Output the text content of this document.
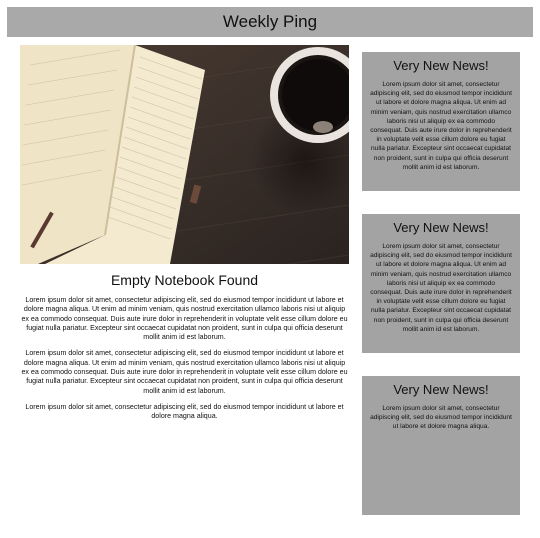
Weekly Ping
Empty Notebook Found

Lorem ipsum dolor sit amet, consectetur adipiscing elit, sed do eiusmod tempor incididunt ut labore et dolore magna aliqua. Ut enim ad minim veniam, quis nostrud exercitation ullamco laboris nisi ut aliquip ex ea commodo consequat. Duis aute irure dolor in reprehenderit in voluptate velit esse cillum dolore eu fugiat nulla pariatur. Excepteur sint occaecat cupidatat non proident, sunt in culpa qui officia deserunt mollit anim id est laborum.

Lorem ipsum dolor sit amet, consectetur adipiscing elit, sed do eiusmod tempor incididunt ut labore et dolore magna aliqua. Ut enim ad minim veniam, quis nostrud exercitation ullamco laboris nisi ut aliquip ex ea commodo consequat. Duis aute irure dolor in reprehenderit in voluptate velit esse cillum dolore eu fugiat nulla pariatur. Excepteur sint occaecat cupidatat non proident, sunt in culpa qui officia deserunt mollit anim id est laborum.

Lorem ipsum dolor sit amet, consectetur adipiscing elit, sed do eiusmod tempor incididunt ut labore et dolore magna aliqua.

Very New News!
Lorem ipsum dolor sit amet, consectetur adipiscing elit, sed do eiusmod tempor incididunt ut labore et dolore magna aliqua. Ut enim ad minim veniam, quis nostrud exercitation ullamco laboris nisi ut aliquip ex ea commodo consequat. Duis aute irure dolor in reprehenderit in voluptate velit esse cillum dolore eu fugiat nulla pariatur. Excepteur sint occaecat cupidatat non proident, sunt in culpa qui officia deserunt mollit anim id est laborum.
Very New News!
Lorem ipsum dolor sit amet, consectetur adipiscing elit, sed do eiusmod tempor incididunt ut labore et dolore magna aliqua. Ut enim ad minim veniam, quis nostrud exercitation ullamco laboris nisi ut aliquip ex ea commodo consequat. Duis aute irure dolor in reprehenderit in voluptate velit esse cillum dolore eu fugiat nulla pariatur. Excepteur sint occaecat cupidatat non proident, sunt in culpa qui officia deserunt mollit anim id est laborum.
Very New News!
Lorem ipsum dolor sit amet, consectetur adipiscing elit, sed do eiusmod tempor incididunt ut labore et dolore magna aliqua.
